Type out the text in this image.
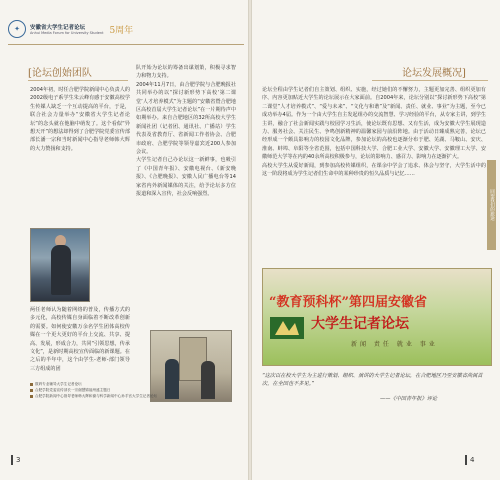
✦	安徽省大学生记者论坛
Anhui Media Forum for University Student 5周年
[论坛创始团队
2004年初，时任合肥学院新闻中心负责人的2002级电子系学生朱云峰有感于安徽高校学生传媒人缺乏一个互动提高的平台，于是，联合社会力量举办“安徽省大学生记者论坛”的念头就在他脑中萌发了。这个看似“异想天开”的想法却得到了合肥学院党委宣传部部长潘一宗和当时新闻中心指导老师韩大辉的大力赞扬和支持。
两任老师认为随着网络的普及，传播方式的多元化，高校传媒自身面临着不断改革创新的需要。如何使安徽万余名学生团体高校传媒在一个更大更好的平台上交流、共享、提高、发展，形成合力，共同“引领思想，传承文化”，是新时期高校宣传面临的新课题。在之后的半年中，这个由学生-老师-部门领导三方组成的团
队开始为论坛的筹备出谋划策，积极寻求智力和物力支持。
2004年11月7日，由合肥学院与合肥晚报社共同举办的以“探讨新形势下高校‘第二课堂’人才培养模式”为主题的“安徽省暨合肥地区高校首届大学生记者论坛”在一片期待声中如期举办。来自合肥地区的32所高校大学生新闻社团（记者团、通讯社、广播站）学生代表及省教育厅、省新闻工作者协会、合肥市政府、合肥学院等领导嘉宾近200人参加会议。
大学生记者自己办论坛这一新鲜事，也吸引了《中国青年报》、安徽电视台、《新安晚报》、《合肥晚报》、安徽人民广播电台等14家省内外新闻媒体的关注，给予论坛多方位报道和深入宣传，社会反响强烈。
数码专业辅导大学生记者论坛
合肥学院党委宣传部长一宗谢慧锦福州盛主题日
合肥学院新闻中心指导老师韩大辉和谢与科学新闻中心孙手宫大学生记者论坛
3
论坛发展概况]
论坛全程由学生记者们自主策划、组织、实施，经过她们的不懈努力，主题更加完善、组织更加有序、内容更加贴近大学生的论坛展示在大家面前。自2004年来，论坛分别以“探讨新形势下高校“第二课堂”人才培养模式”、“爱与未来”、“文化与和谐”及“新闻、责任、就业、事业”为主题，至今已成功举办4届。作为一个由大学生自主发起组办的交流智慧、学习经验的平台，从专家主讲，到学生主讲，融合了社会新闻实践与校园学习生活，使论坛既有思想、又有生活，成为安徽大学生展现造力、服务社会、关注民生、争鸣创新精神的温馨家园与前沿阵地。由于活动日臻成熟完善，论坛已经形成一个颇具影响力的校园文化品牌，参加论坛的高校也逐渐分布于肥、芜湖、马鞍山、安庆、淮南、蚌埠、阜阳等全省范围，包括中国科技大学、合肥工业大学、安徽大学、安徽理工大学、安徽师范大学等在内的40余所高校积极参与，论坛的影响力、感召力、影响力在逐渐扩大。
高校大学生从爱好新闻，到参加高校传媒组织，在课余中学会了追求、体会与坚守，大学生活中的这一阶段将成为学生记者们生命中的某种珍贵的恒久品质与记忆……
“教育预科杯”第四届安徽省
大学生记者论坛
新闻 责任 就业 事业
“这次以在校大学生为主进行策划、组织、演讲的大学生记者论坛，在合肥地区乃至安徽省尚属首次，在全国也不多见。”
——《中国青年报》评论
回望我们的旅途
4
